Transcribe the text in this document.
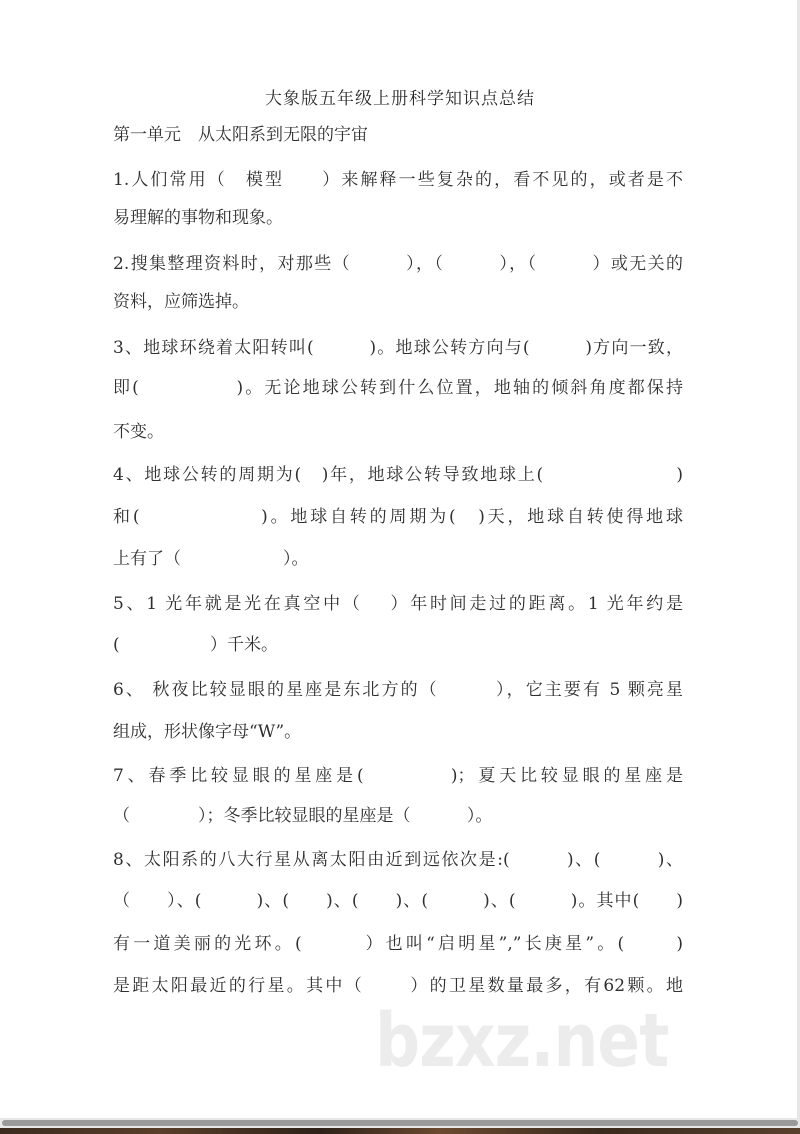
大象版五年级上册科学知识点总结
第一单元　从太阳系到无限的宇宙
1.人们常用（　模型　　）来解释一些复杂的，看不见的，或者是不
易理解的事物和现象。
2.搜集整理资料时，对那些（　　　），（　　　），（　　　）或无关的
资料，应筛选掉。
3、地球环绕着太阳转叫(　　　)。地球公转方向与(　　　)方向一致，
即(　　　　　)。无论地球公转到什么位置，地轴的倾斜角度都保持
不变。
4、地球公转的周期为(　)年，地球公转导致地球上(　　　　　　　)
和(　　　　　　)。地球自转的周期为(　)天，地球自转使得地球
上有了（　　　　　　）。
5、1 光年就是光在真空中（　 ）年时间走过的距离。1 光年约是
(　　　　　 ）千米。
6、 秋夜比较显眼的星座是东北方的（　　　），它主要有 5 颗亮星
组成，形状像字母“W”。
7、春季比较显眼的星座是(　　　　)；夏天比较显眼的星座是
（　　　　）；冬季比较显眼的星座是（　　　 ）。
8、太阳系的八大行星从离太阳由近到远依次是:(　　　)、(　　　)、
（　　）、(　　　)、(　　)、(　　)、(　　　)、(　　　)。其中(　　)
有一道美丽的光环。(　　　）也叫“启明星”,”长庚星”。(　　 )
是距太阳最近的行星。其中（　　 ）的卫星数量最多，有62颗。地
bzxz.net
